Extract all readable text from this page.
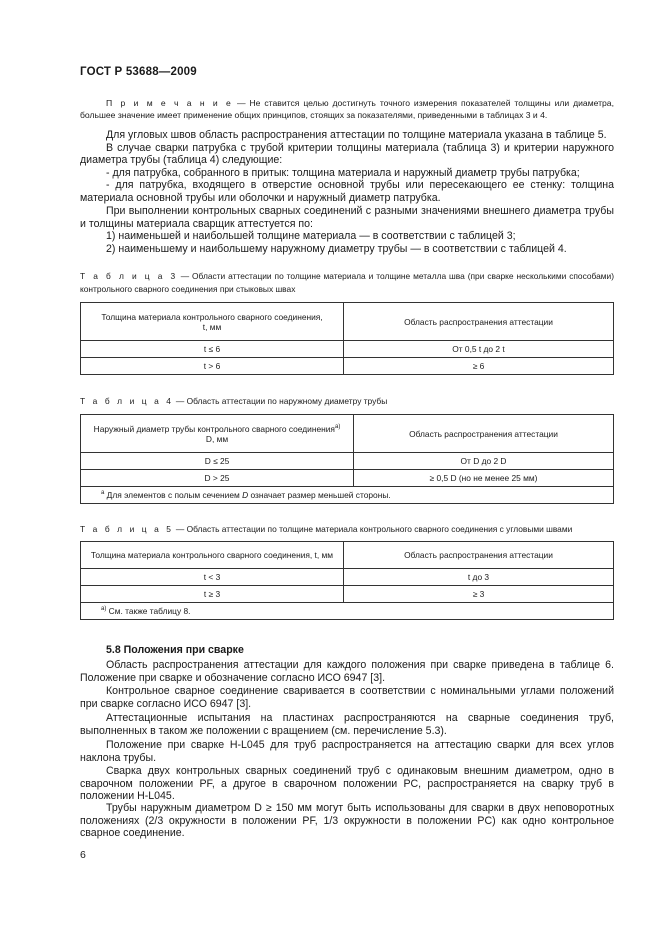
ГОСТ Р 53688—2009
П р и м е ч а н и е — Не ставится целью достигнуть точного измерения показателей толщины или диаметра, большее значение имеет применение общих принципов, стоящих за показателями, приведенными в таблицах 3 и 4.
Для угловых швов область распространения аттестации по толщине материала указана в таблице 5.
В случае сварки патрубка с трубой критерии толщины материала (таблица 3) и критерии наружного диаметра трубы (таблица 4) следующие:
- для патрубка, собранного в притык: толщина материала и наружный диаметр трубы патрубка;
- для патрубка, входящего в отверстие основной трубы или пересекающего ее стенку: толщина материала основной трубы или оболочки и наружный диаметр патрубка.
При выполнении контрольных сварных соединений с разными значениями внешнего диаметра трубы и толщины материала сварщик аттестуется по:
1) наименьшей и наибольшей толщине материала — в соответствии с таблицей 3;
2) наименьшему и наибольшему наружному диаметру трубы — в соответствии с таблицей 4.
Т а б л и ц а 3 — Области аттестации по толщине материала и толщине металла шва (при сварке несколькими способами) контрольного сварного соединения при стыковых швах
Толщина материала контрольного сварного соединения,
t, мм	Область распространения аттестации
t ≤ 6	От 0,5 t до 2 t
t > 6	≥ 6
Т а б л и ц а 4 — Область аттестации по наружному диаметру трубы
Наружный диаметр трубы контрольного сварного соединения$^{а)}$
D, мм	Область распространения аттестации
D ≤ 25	От D до 2 D
D > 25	≥ 0,5 D (но не менее 25 мм)
$^а$ Для элементов с полым сечением D означает размер меньшей стороны.	
Т а б л и ц а 5 — Область аттестации по толщине материала контрольного сварного соединения с угловыми швами
Толщина материала контрольного сварного соединения, t, мм	Область распространения аттестации
t < 3	t до 3
t ≥ 3	≥ 3
$^{а)}$ См. также таблицу 8.	
5.8 Положения при сварке
Область распространения аттестации для каждого положения при сварке приведена в таблице 6. Положение при сварке и обозначение согласно ИСО 6947 [3].
Контрольное сварное соединение сваривается в соответствии с номинальными углами положений при сварке согласно ИСО 6947 [3].
Аттестационные испытания на пластинах распространяются на сварные соединения труб, выполненных в таком же положении с вращением (см. перечисление 5.3).
Положение при сварке H-L045 для труб распространяется на аттестацию сварки для всех углов наклона трубы.
Сварка двух контрольных сварных соединений труб с одинаковым внешним диаметром, одно в сварочном положении PF, а другое в сварочном положении PC, распространяется на сварку труб в положении H-L045.
Трубы наружным диаметром D ≥ 150 мм могут быть использованы для сварки в двух неповоротных положениях (2/3 окружности в положении PF, 1/3 окружности в положении PC) как одно контрольное сварное соединение.
6
